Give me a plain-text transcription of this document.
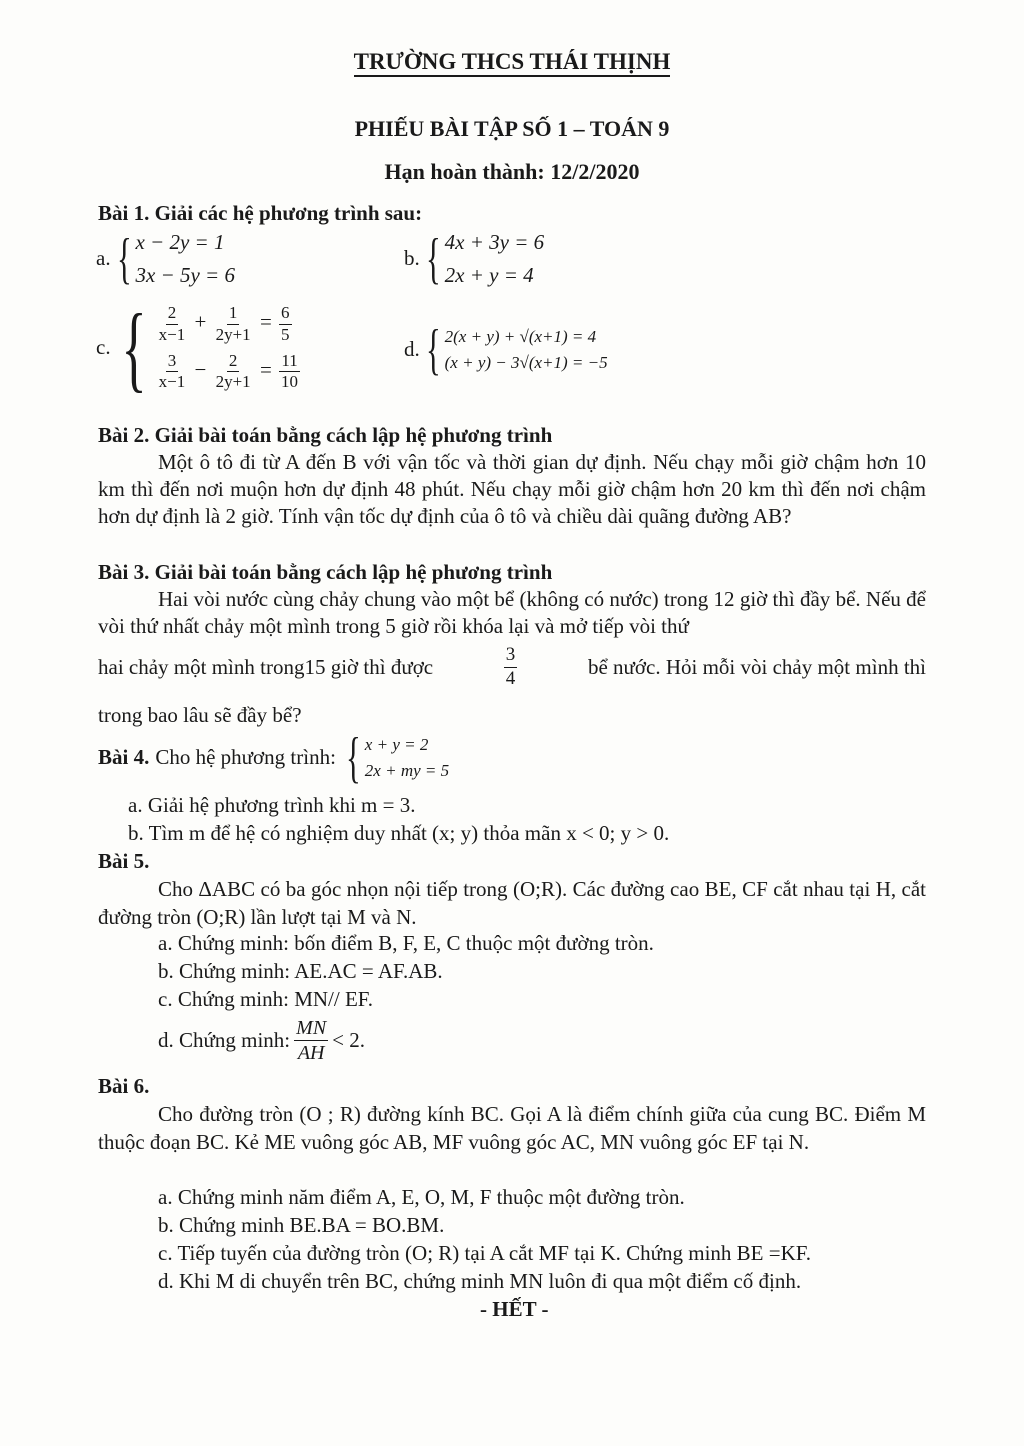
TRƯỜNG THCS THÁI THỊNH
PHIẾU BÀI TẬP SỐ 1 – TOÁN 9
Hạn hoàn thành: 12/2/2020
Bài 1. Giải các hệ phương trình sau:
a. { x − 2y = 1
3x − 5y = 6
b. { 4x + 3y = 6
2x + y = 4
c. { $\frac{2}{x-1} + \frac{1}{2y+1} = \frac{6}{5}$
$\frac{3}{x-1} - \frac{2}{2y+1} = \frac{11}{10}$
d. { 2(x + y) + √(x+1) = 4
(x + y) − 3√(x+1) = −5
Bài 2. Giải bài toán bằng cách lập hệ phương trình
Một ô tô đi từ A đến B với vận tốc và thời gian dự định. Nếu chạy mỗi giờ chậm hơn 10 km thì đến nơi muộn hơn dự định 48 phút. Nếu chạy mỗi giờ chậm hơn 20 km thì đến nơi chậm hơn dự định là 2 giờ. Tính vận tốc dự định của ô tô và chiều dài quãng đường AB?
Bài 3. Giải bài toán bằng cách lập hệ phương trình
Hai vòi nước cùng chảy chung vào một bể (không có nước) trong 12 giờ thì đầy bể. Nếu để vòi thứ nhất chảy một mình trong 5 giờ rồi khóa lại và mở tiếp vòi thứ
hai chảy một mình trong15 giờ thì được	$\frac{3}{4}$	bể nước. Hỏi mỗi vòi chảy một mình thì
trong bao lâu sẽ đầy bể?
Bài 4. Cho hệ phương trình: { x + y = 2
2x + my = 5
a. Giải hệ phương trình khi m = 3.
b. Tìm m để hệ có nghiệm duy nhất (x; y) thỏa mãn x < 0; y > 0.
Bài 5.
Cho ΔABC có ba góc nhọn nội tiếp trong (O;R). Các đường cao BE, CF cắt nhau tại H, cắt đường tròn (O;R) lần lượt tại M và N.
a. Chứng minh: bốn điểm B, F, E, C thuộc một đường tròn.
b. Chứng minh: AE.AC = AF.AB.
c. Chứng minh: MN// EF.
d. Chứng minh: $\frac{MN}{AH} < 2$.
Bài 6.
Cho đường tròn (O ; R) đường kính BC. Gọi A là điểm chính giữa của cung BC. Điểm M thuộc đoạn BC. Kẻ ME vuông góc AB, MF vuông góc AC, MN vuông góc EF tại N.
a. Chứng minh năm điểm A, E, O, M, F thuộc một đường tròn.
b. Chứng minh BE.BA = BO.BM.
c. Tiếp tuyến của đường tròn (O; R) tại A cắt MF tại K. Chứng minh BE =KF.
d. Khi M di chuyển trên BC, chứng minh MN luôn đi qua một điểm cố định.
- HẾT -
